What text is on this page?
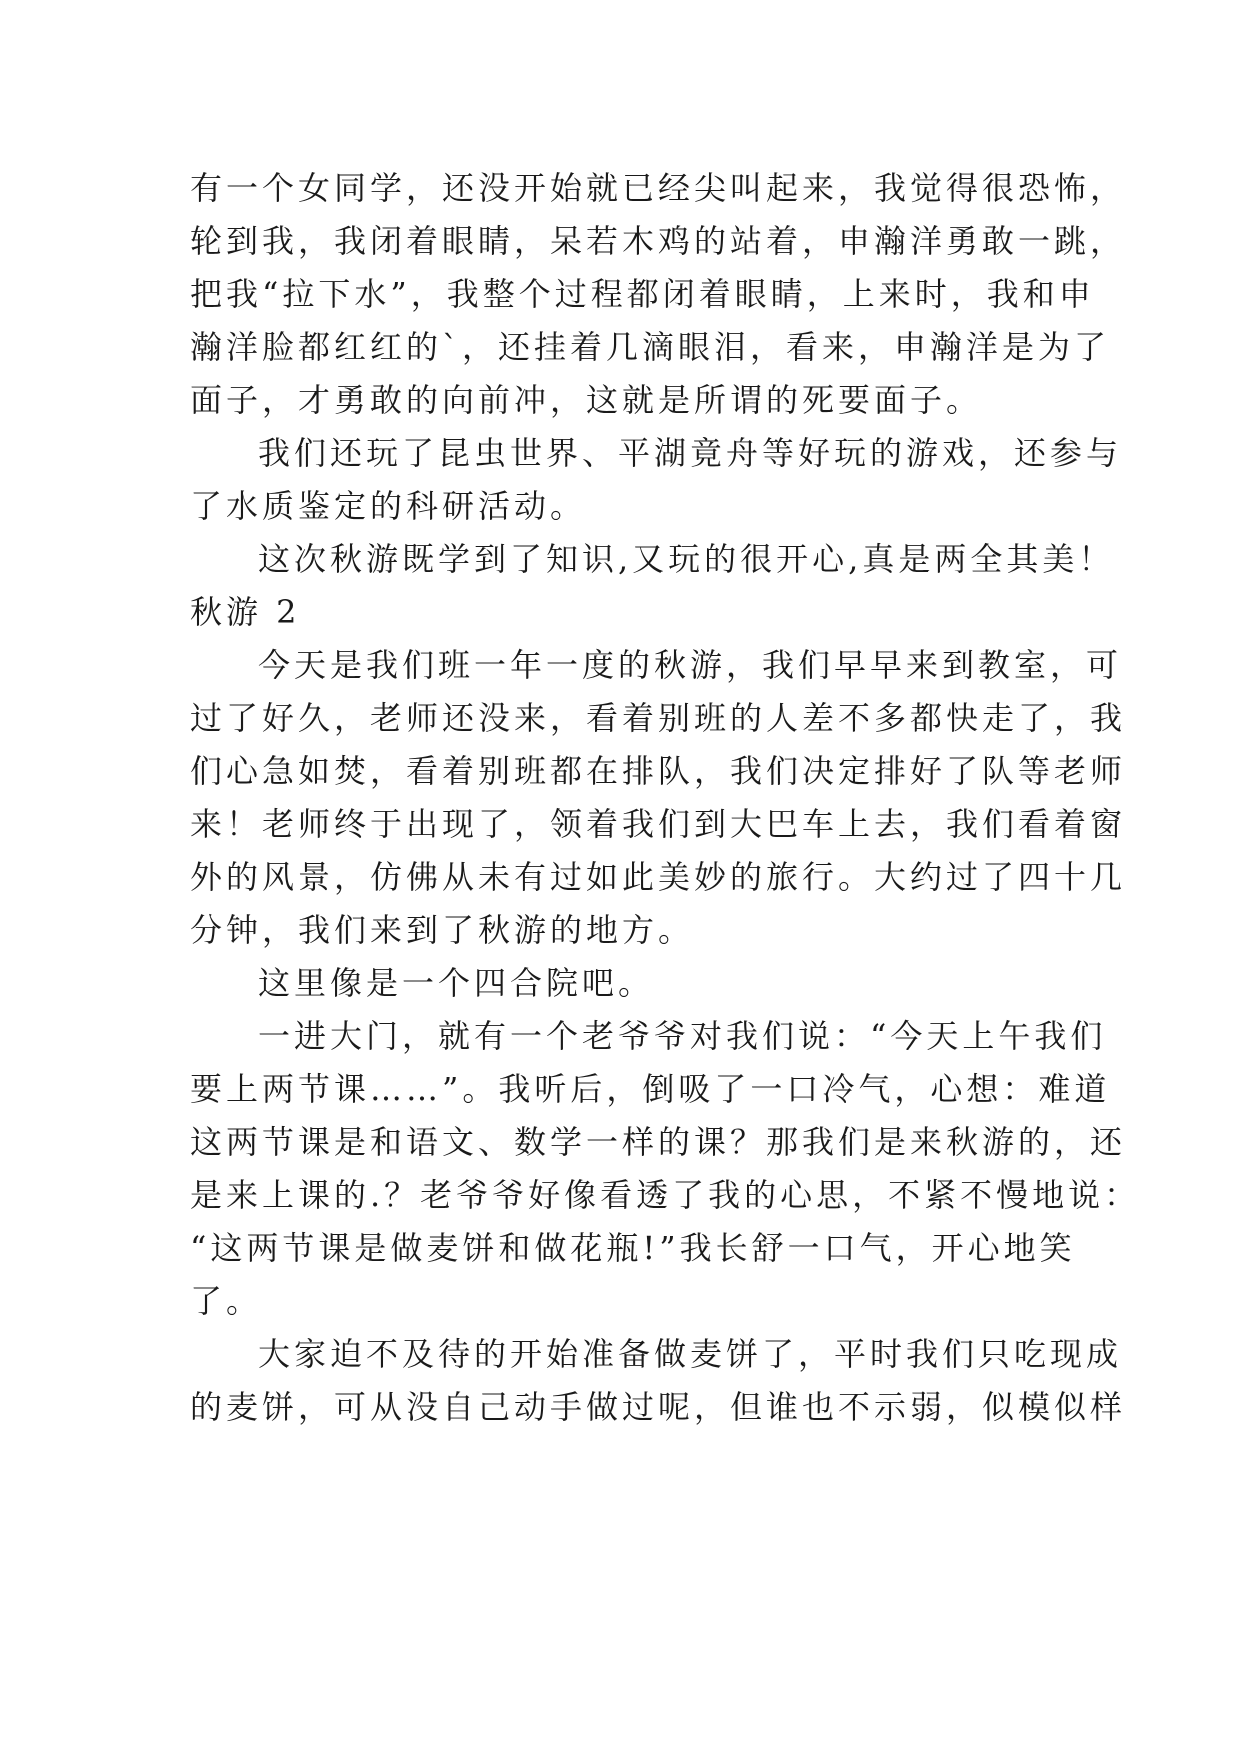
有一个女同学，还没开始就已经尖叫起来，我觉得很恐怖，
轮到我，我闭着眼睛，呆若木鸡的站着，申瀚洋勇敢一跳，
把我“拉下水”，我整个过程都闭着眼睛，上来时，我和申
瀚洋脸都红红的`，还挂着几滴眼泪，看来，申瀚洋是为了
面子，才勇敢的向前冲，这就是所谓的死要面子。
我们还玩了昆虫世界、平湖竟舟等好玩的游戏，还参与
了水质鉴定的科研活动。
这次秋游既学到了知识,又玩的很开心,真是两全其美！
秋游 2
今天是我们班一年一度的秋游，我们早早来到教室，可
过了好久，老师还没来，看着别班的人差不多都快走了，我
们心急如焚，看着别班都在排队，我们决定排好了队等老师
来！老师终于出现了，领着我们到大巴车上去，我们看着窗
外的风景，仿佛从未有过如此美妙的旅行。大约过了四十几
分钟，我们来到了秋游的地方。
这里像是一个四合院吧。
一进大门，就有一个老爷爷对我们说：“今天上午我们
要上两节课……”。我听后，倒吸了一口冷气，心想：难道
这两节课是和语文、数学一样的课？那我们是来秋游的，还
是来上课的.？老爷爷好像看透了我的心思，不紧不慢地说：
“这两节课是做麦饼和做花瓶!”我长舒一口气，开心地笑
了。
大家迫不及待的开始准备做麦饼了，平时我们只吃现成
的麦饼，可从没自己动手做过呢，但谁也不示弱，似模似样
